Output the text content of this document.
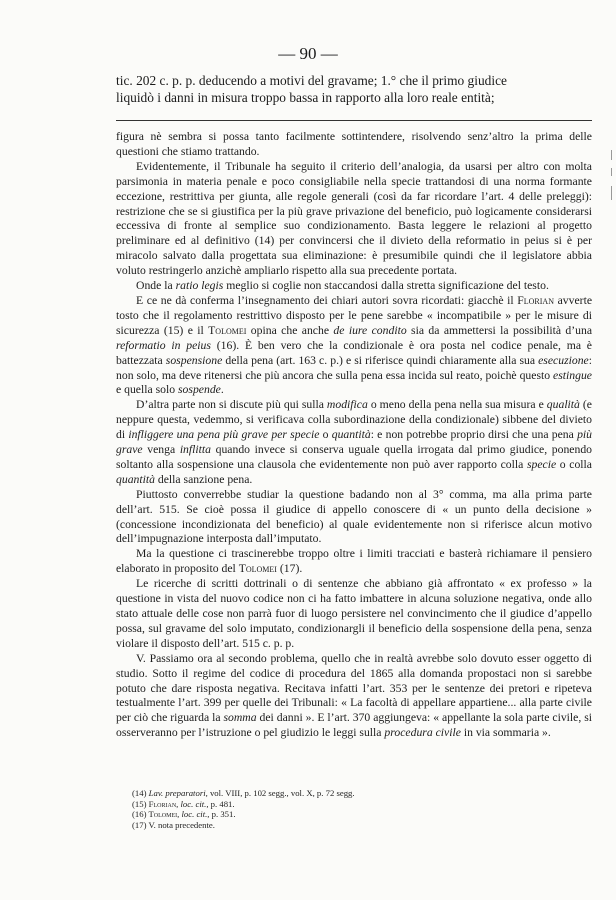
— 90 —

tic. 202 c. p. p. deducendo a motivi del gravame; 1.° che il primo giudice

liquidò i danni in misura troppo bassa in rapporto alla loro reale entità;

figura nè sembra si possa tanto facilmente sottintendere, risolvendo senz’altro la prima delle questioni che stiamo trattando.

Evidentemente, il Tribunale ha seguito il criterio dell’analogia, da usarsi per altro con molta parsimonia in materia penale e poco consigliabile nella specie trattandosi di una norma formante eccezione, restrittiva per giunta, alle regole generali (così da far ricordare l’art. 4 delle preleggi): restrizione che se si giustifica per la più grave privazione del beneficio, può logicamente considerarsi eccessiva di fronte al semplice suo condizionamento. Basta leggere le relazioni al progetto preliminare ed al definitivo (14) per convincersi che il divieto della reformatio in peius si è per miracolo salvato dalla progettata sua eliminazione: è presumibile quindi che il legislatore abbia voluto restringerlo anzichè ampliarlo rispetto alla sua precedente portata.

Onde la ratio legis meglio si coglie non staccandosi dalla stretta significazione del testo.

E ce ne dà conferma l’insegnamento dei chiari autori sovra ricordati: giacchè il Florian avverte tosto che il regolamento restrittivo disposto per le pene sarebbe « incompatibile » per le misure di sicurezza (15) e il Tolomei opina che anche de iure condito sia da ammettersi la possibilità d’una reformatio in peius (16). È ben vero che la condizionale è ora posta nel codice penale, ma è battezzata sospensione della pena (art. 163 c. p.) e si riferisce quindi chiaramente alla sua esecuzione: non solo, ma deve ritenersi che più ancora che sulla pena essa incida sul reato, poichè questo estingue e quella solo sospende.

D’altra parte non si discute più qui sulla modifica o meno della pena nella sua misura e qualità (e neppure questa, vedemmo, si verificava colla subordinazione della condizionale) sibbene del divieto di infliggere una pena più grave per specie o quantità: e non potrebbe proprio dirsi che una pena più grave venga inflitta quando invece si conserva uguale quella irrogata dal primo giudice, ponendo soltanto alla sospensione una clausola che evidentemente non può aver rapporto colla specie o colla quantità della sanzione pena.

Piuttosto converrebbe studiar la questione badando non al 3° comma, ma alla prima parte dell’art. 515. Se cioè possa il giudice di appello conoscere di « un punto della decisione » (concessione incondizionata del beneficio) al quale evidentemente non si riferisce alcun motivo dell’impugnazione interposta dall’imputato.

Ma la questione ci trascinerebbe troppo oltre i limiti tracciati e basterà richiamare il pensiero elaborato in proposito del Tolomei (17).

Le ricerche di scritti dottrinali o di sentenze che abbiano già affrontato « ex professo » la questione in vista del nuovo codice non ci ha fatto imbattere in alcuna soluzione negativa, onde allo stato attuale delle cose non parrà fuor di luogo persistere nel convincimento che il giudice d’appello possa, sul gravame del solo imputato, condizionargli il beneficio della sospensione della pena, senza violare il disposto dell’art. 515 c. p. p.

V. Passiamo ora al secondo problema, quello che in realtà avrebbe solo dovuto esser oggetto di studio. Sotto il regime del codice di procedura del 1865 alla domanda propostaci non si sarebbe potuto che dare risposta negativa. Recitava infatti l’art. 353 per le sentenze dei pretori e ripeteva testualmente l’art. 399 per quelle dei Tribunali: « La facoltà di appellare appartiene... alla parte civile per ciò che riguarda la somma dei danni ». E l’art. 370 aggiungeva: « appellante la sola parte civile, si osserveranno per l’istruzione o pel giudizio le leggi sulla procedura civile in via sommaria ».

(14) Lav. preparatori, vol. VIII, p. 102 segg., vol. X, p. 72 segg.
(15) Florian, loc. cit., p. 481.
(16) Tolomei, loc. cit., p. 351.
(17) V. nota precedente.
